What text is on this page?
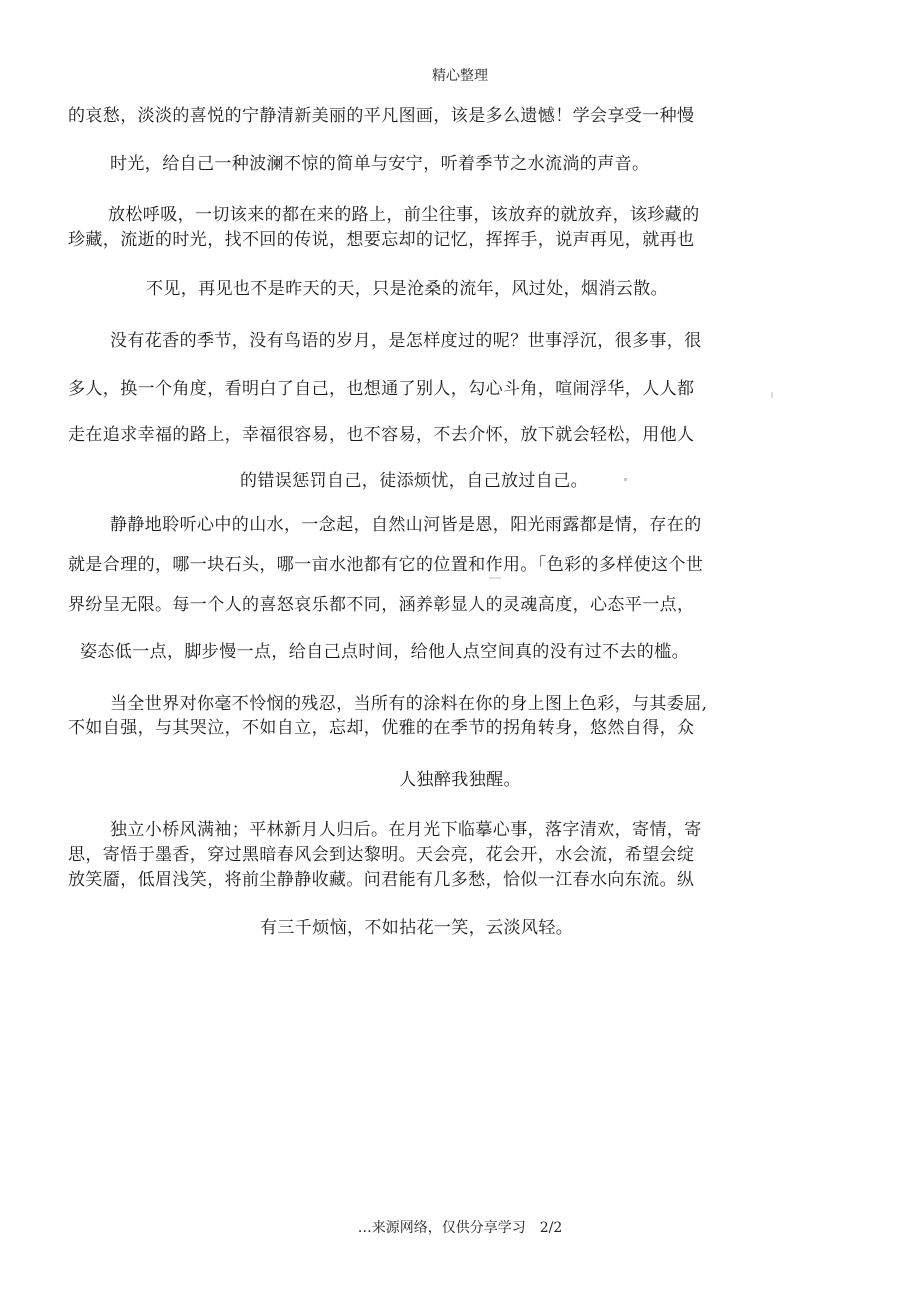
精心整理
的哀愁，淡淡的喜悦的宁静清新美丽的平凡图画，该是多么遗憾！学会享受一种慢
时光，给自己一种波澜不惊的简单与安宁，听着季节之水流淌的声音。
放松呼吸，一切该来的都在来的路上，前尘往事，该放弃的就放弃，该珍藏的
珍藏，流逝的时光，找不回的传说，想要忘却的记忆，挥挥手，说声再见，就再也
不见，再见也不是昨天的天，只是沧桑的流年，风过处，烟消云散。
没有花香的季节，没有鸟语的岁月，是怎样度过的呢？世事浮沉，很多事，很
多人，换一个角度，看明白了自己，也想通了别人，勾心斗角，喧闹浮华，人人都
走在追求幸福的路上，幸福很容易，也不容易，不去介怀，放下就会轻松，用他人
的错误惩罚自己，徒添烦忧，自己放过自己。
静静地聆听心中的山水，一念起，自然山河皆是恩，阳光雨露都是情，存在的
就是合理的，哪一块石头，哪一亩水池都有它的位置和作用。「色彩的多样使这个世
界纷呈无限。每一个人的喜怒哀乐都不同，涵养彰显人的灵魂高度，心态平一点，
姿态低一点，脚步慢一点，给自己点时间，给他人点空间真的没有过不去的槛。
当全世界对你毫不怜悯的残忍，当所有的涂料在你的身上图上色彩，与其委屈,
不如自强，与其哭泣，不如自立，忘却，优雅的在季节的拐角转身，悠然自得，众
人独醉我独醒。
独立小桥风满袖；平林新月人归后。在月光下临摹心事，落字清欢，寄情，寄
思，寄悟于墨香，穿过黑暗春风会到达黎明。天会亮，花会开，水会流，希望会绽
放笑靥，低眉浅笑，将前尘静静收藏。问君能有几多愁，恰似一江春水向东流。纵
有三千烦恼，不如拈花一笑，云淡风轻。
…来源网络，仅供分享学习 2/2
